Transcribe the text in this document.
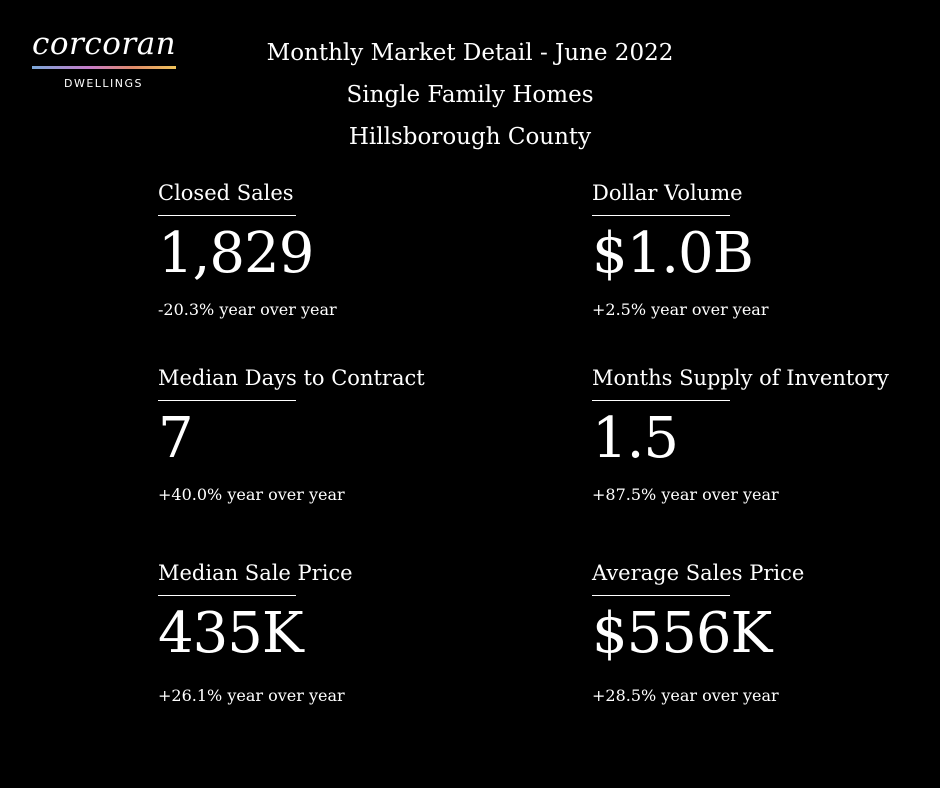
corcoran
DWELLINGS
Monthly Market Detail - June 2022
Single Family Homes
Hillsborough County
Closed Sales
1,829
-20.3% year over year
Dollar Volume
$1.0B
+2.5% year over year
Median Days to Contract
7
+40.0% year over year
Months Supply of Inventory
1.5
+87.5% year over year
Median Sale Price
435K
+26.1% year over year
Average Sales Price
$556K
+28.5% year over year
